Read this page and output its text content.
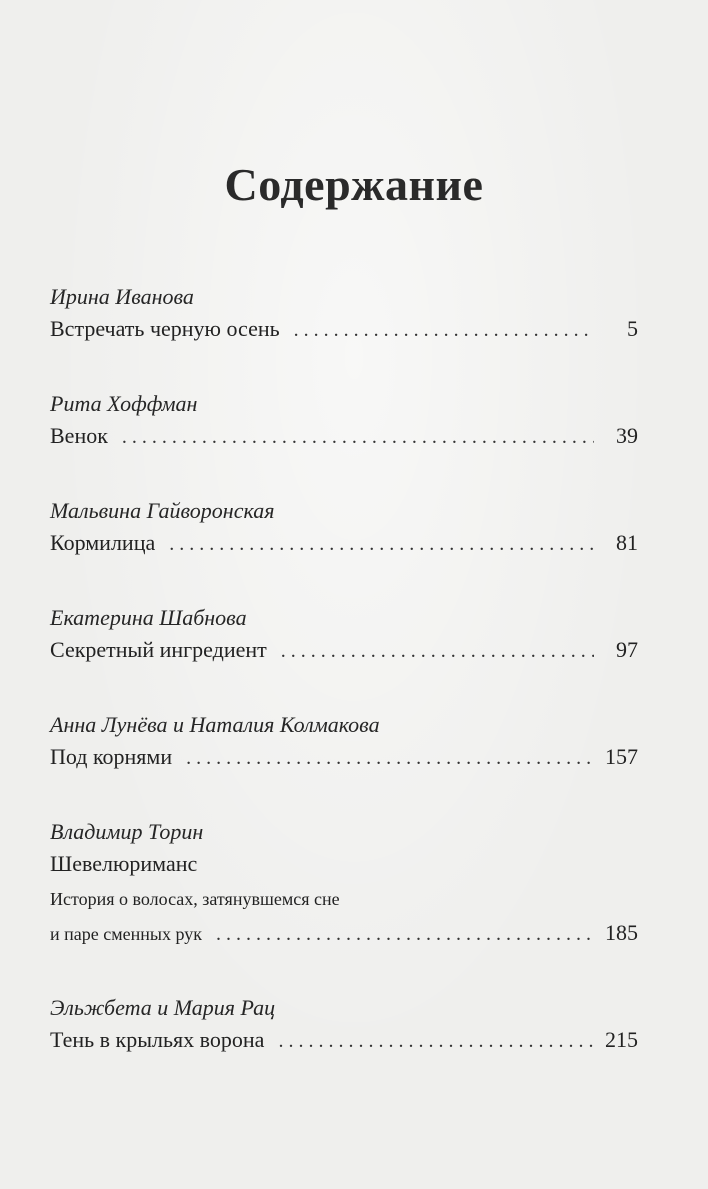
Содержание
Ирина Иванова
Встречать черную осень . . .	5
Рита Хоффман
Венок . . .	39
Мальвина Гайворонская
Кормилица . . .	81
Екатерина Шабнова
Секретный ингредиент . . .	97
Анна Лунёва и Наталия Колмакова
Под корнями . . .	157
Владимир Торин
Шевелюриманс
История о волосах, затянувшемся сне
и паре сменных рук . . .	185
Эльжбета и Мария Рац
Тень в крыльях ворона . . .	215
